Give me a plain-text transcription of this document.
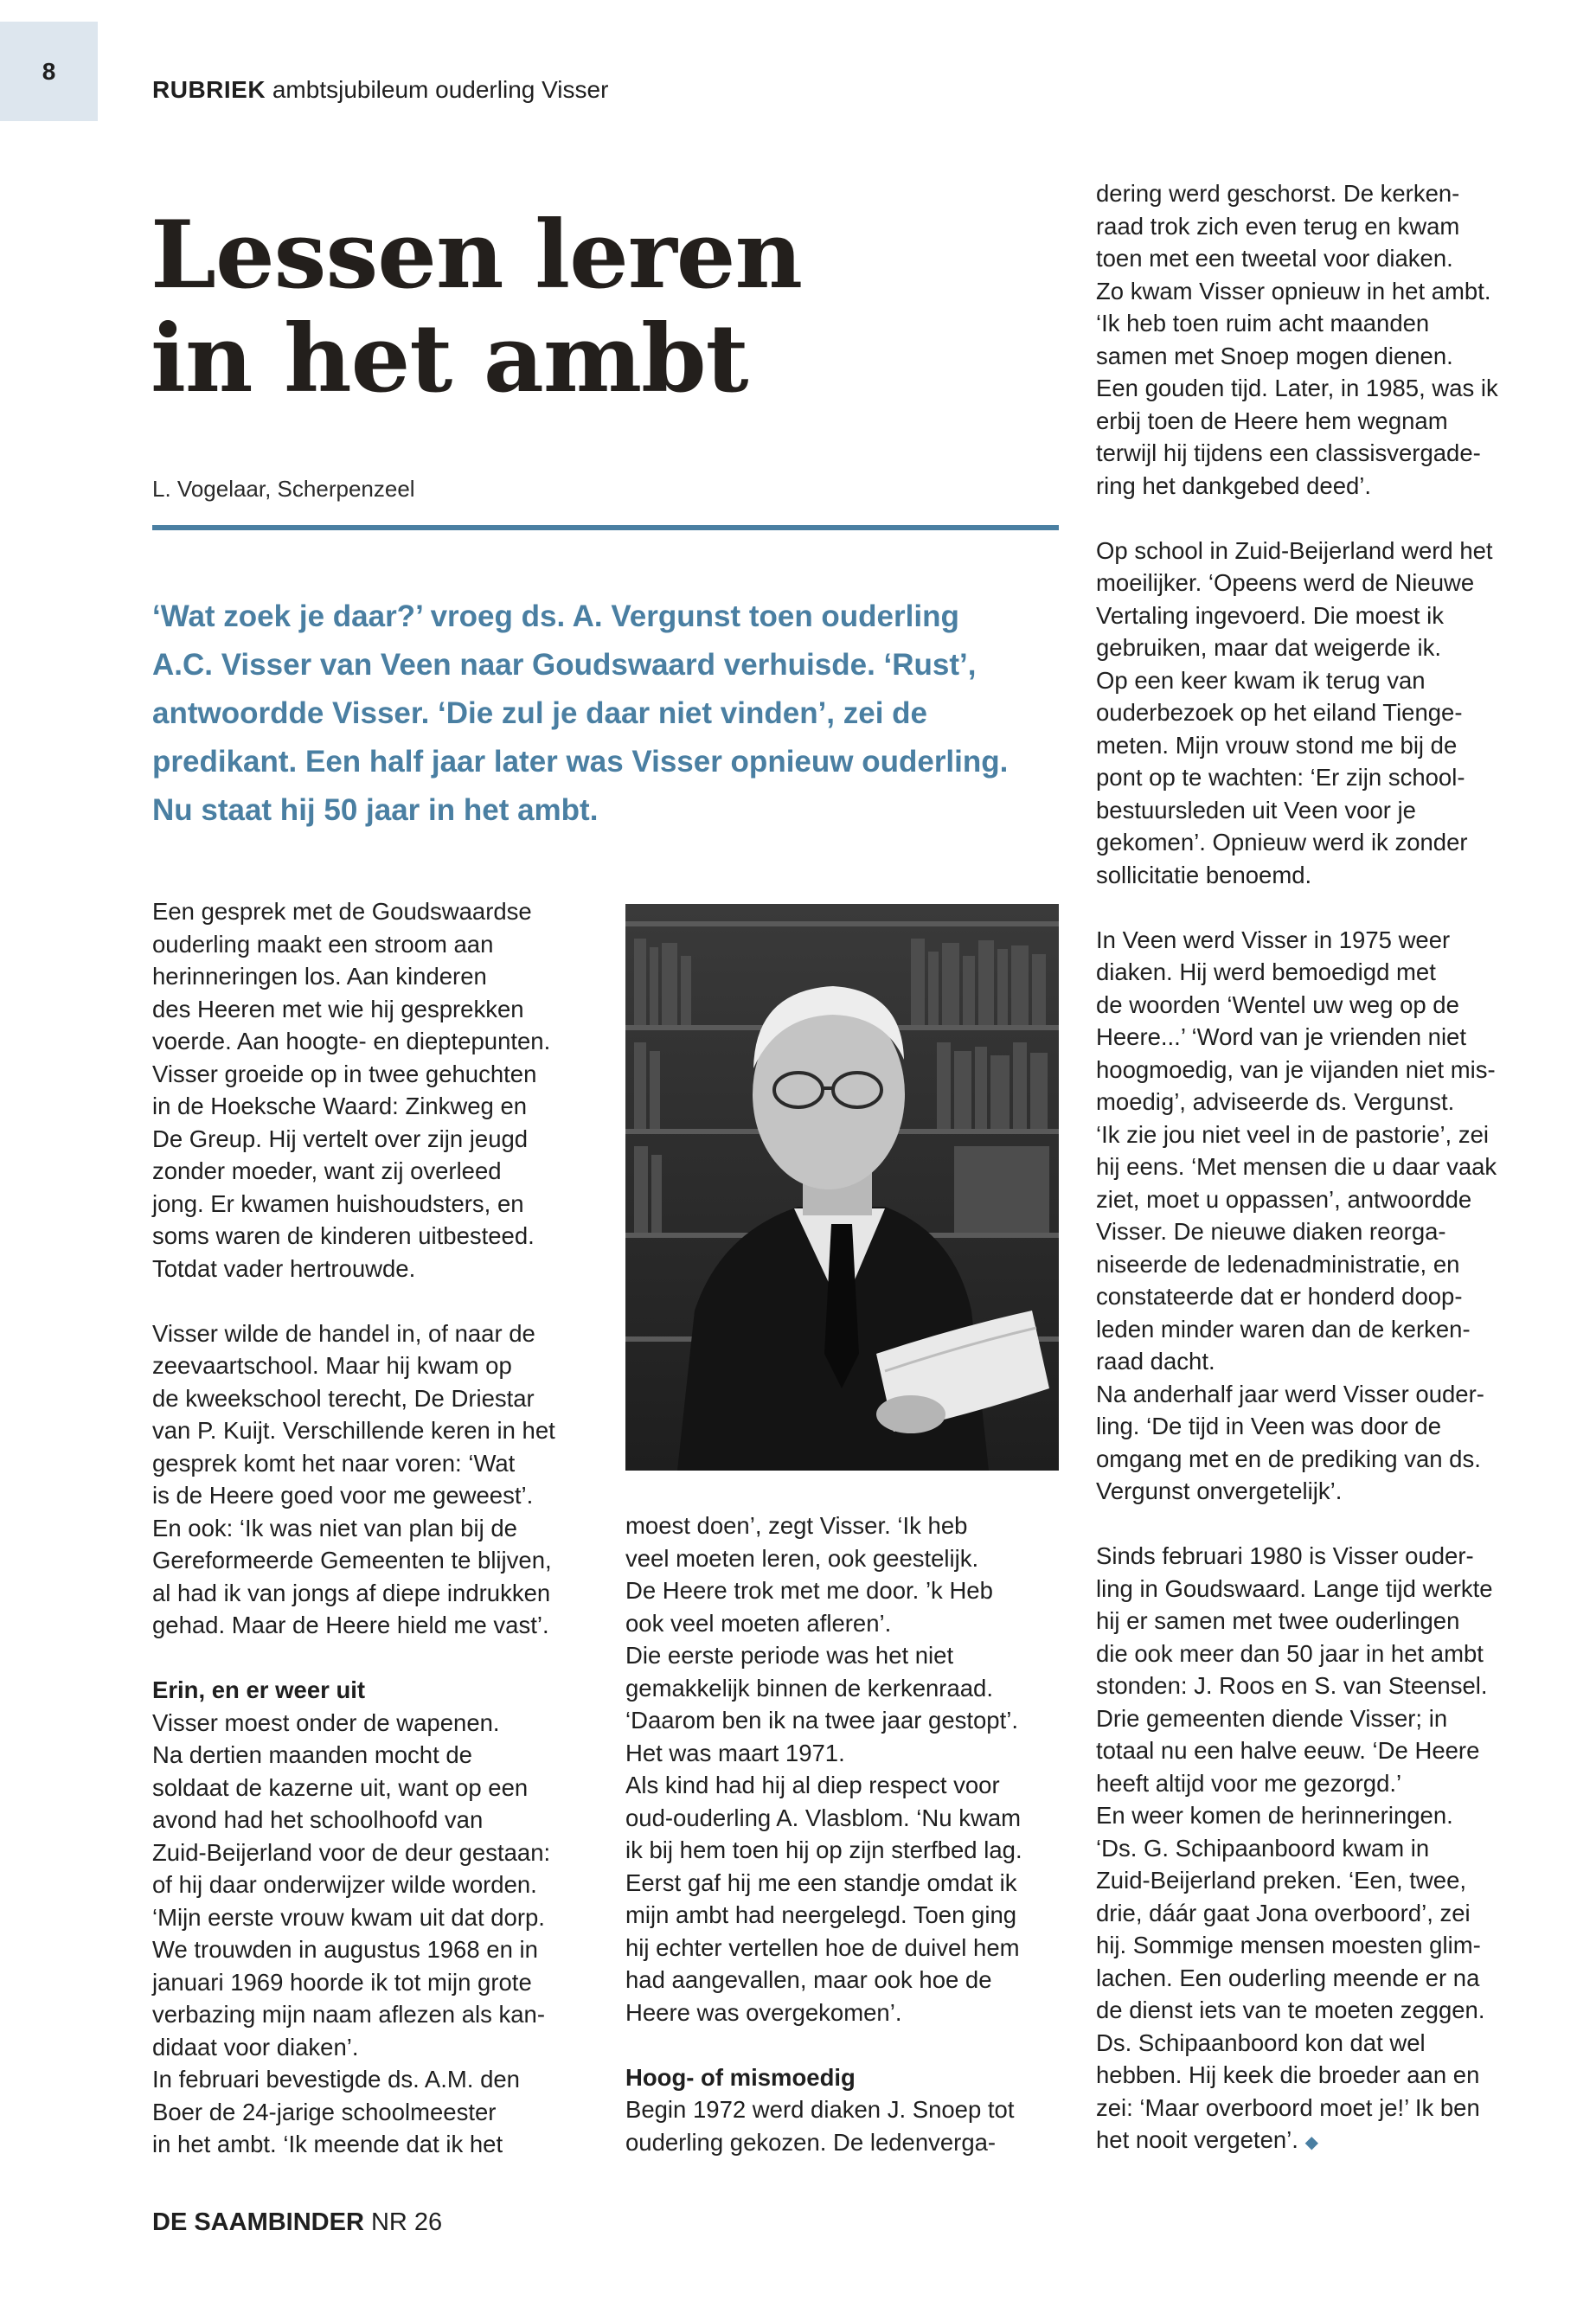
8
RUBRIEK ambtsjubileum ouderling Visser
Lessen leren
in het ambt
L. Vogelaar, Scherpenzeel
‘Wat zoek je daar?’ vroeg ds. A. Vergunst toen ouderling
A.C. Visser van Veen naar Goudswaard verhuisde. ‘Rust’,
antwoordde Visser. ‘Die zul je daar niet vinden’, zei de
predikant. Een half jaar later was Visser opnieuw ouderling.
Nu staat hij 50 jaar in het ambt.
Een gesprek met de Goudswaardse
ouderling maakt een stroom aan
herinneringen los. Aan kinderen
des Heeren met wie hij gesprekken
voerde. Aan hoogte- en dieptepunten.
Visser groeide op in twee gehuchten
in de Hoeksche Waard: Zinkweg en
De Greup. Hij vertelt over zijn jeugd
zonder moeder, want zij overleed
jong. Er kwamen huishoudsters, en
soms waren de kinderen uitbesteed.
Totdat vader hertrouwde.
Visser wilde de handel in, of naar de
zeevaartschool. Maar hij kwam op
de kweekschool terecht, De Driestar
van P. Kuijt. Verschillende keren in het
gesprek komt het naar voren: ‘Wat
is de Heere goed voor me geweest’.
En ook: ‘Ik was niet van plan bij de
Gereformeerde Gemeenten te blijven,
al had ik van jongs af diepe indrukken
gehad. Maar de Heere hield me vast’.
Erin, en er weer uit
Visser moest onder de wapenen.
Na dertien maanden mocht de
soldaat de kazerne uit, want op een
avond had het schoolhoofd van
Zuid-Beijerland voor de deur gestaan:
of hij daar onderwijzer wilde worden.
‘Mijn eerste vrouw kwam uit dat dorp.
We trouwden in augustus 1968 en in
januari 1969 hoorde ik tot mijn grote
verbazing mijn naam aflezen als kan-
didaat voor diaken’.
In februari bevestigde ds. A.M. den
Boer de 24-jarige schoolmeester
in het ambt. ‘Ik meende dat ik het
moest doen’, zegt Visser. ‘Ik heb
veel moeten leren, ook geestelijk.
De Heere trok met me door. ’k Heb
ook veel moeten afleren’.
Die eerste periode was het niet
gemakkelijk binnen de kerkenraad.
‘Daarom ben ik na twee jaar gestopt’.
Het was maart 1971.
Als kind had hij al diep respect voor
oud-ouderling A. Vlasblom. ‘Nu kwam
ik bij hem toen hij op zijn sterfbed lag.
Eerst gaf hij me een standje omdat ik
mijn ambt had neergelegd. Toen ging
hij echter vertellen hoe de duivel hem
had aangevallen, maar ook hoe de
Heere was overgekomen’.
Hoog- of mismoedig
Begin 1972 werd diaken J. Snoep tot
ouderling gekozen. De ledenverga-
dering werd geschorst. De kerken-
raad trok zich even terug en kwam
toen met een tweetal voor diaken.
Zo kwam Visser opnieuw in het ambt.
‘Ik heb toen ruim acht maanden
samen met Snoep mogen dienen.
Een gouden tijd. Later, in 1985, was ik
erbij toen de Heere hem wegnam
terwijl hij tijdens een classisvergade-
ring het dankgebed deed’.
Op school in Zuid-Beijerland werd het
moeilijker. ‘Opeens werd de Nieuwe
Vertaling ingevoerd. Die moest ik
gebruiken, maar dat weigerde ik.
Op een keer kwam ik terug van
ouderbezoek op het eiland Tienge-
meten. Mijn vrouw stond me bij de
pont op te wachten: ‘Er zijn school-
bestuursleden uit Veen voor je
gekomen’. Opnieuw werd ik zonder
sollicitatie benoemd.
In Veen werd Visser in 1975 weer
diaken. Hij werd bemoedigd met
de woorden ‘Wentel uw weg op de
Heere...’ ‘Word van je vrienden niet
hoogmoedig, van je vijanden niet mis-
moedig’, adviseerde ds. Vergunst.
‘Ik zie jou niet veel in de pastorie’, zei
hij eens. ‘Met mensen die u daar vaak
ziet, moet u oppassen’, antwoordde
Visser. De nieuwe diaken reorga-
niseerde de ledenadministratie, en
constateerde dat er honderd doop-
leden minder waren dan de kerken-
raad dacht.
Na anderhalf jaar werd Visser ouder-
ling. ‘De tijd in Veen was door de
omgang met en de prediking van ds.
Vergunst onvergetelijk’.
Sinds februari 1980 is Visser ouder-
ling in Goudswaard. Lange tijd werkte
hij er samen met twee ouderlingen
die ook meer dan 50 jaar in het ambt
stonden: J. Roos en S. van Steensel.
Drie gemeenten diende Visser; in
totaal nu een halve eeuw. ‘De Heere
heeft altijd voor me gezorgd.’
En weer komen de herinneringen.
‘Ds. G. Schipaanboord kwam in
Zuid-Beijerland preken. ‘Een, twee,
drie, dáár gaat Jona overboord’, zei
hij. Sommige mensen moesten glim-
lachen. Een ouderling meende er na
de dienst iets van te moeten zeggen.
Ds. Schipaanboord kon dat wel
hebben. Hij keek die broeder aan en
zei: ‘Maar overboord moet je!’ Ik ben
het nooit vergeten’. ◆
DE SAAMBINDER NR 26
